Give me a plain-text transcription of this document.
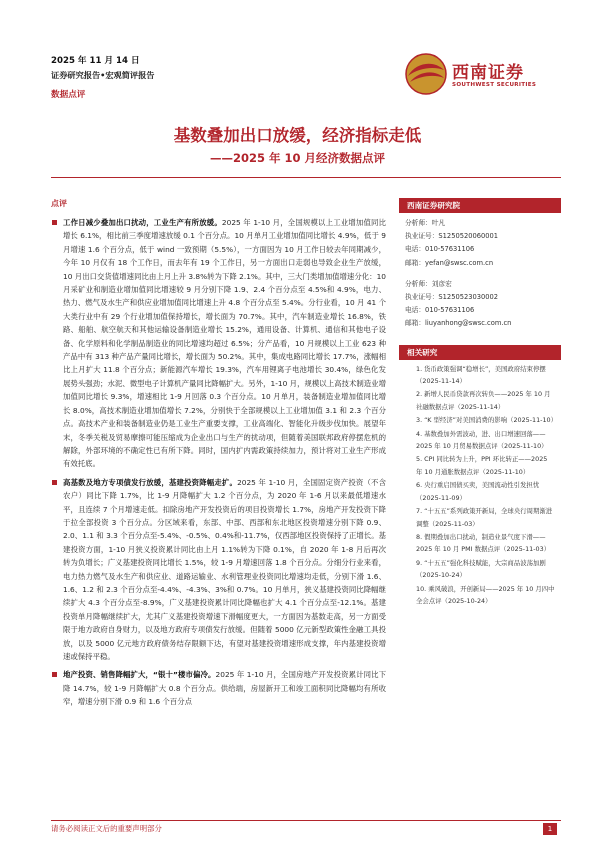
2025 年 11 月 14 日
证券研究报告•宏观简评报告
数据点评
西南证券
SOUTHWEST SECURITIES
基数叠加出口放缓，经济指标走低
——2025 年 10 月经济数据点评
点评
工作日减少叠加出口扰动，工业生产有所放缓。2025 年 1-10 月，全国规模以上工业增加值同比增长 6.1%，相比前三季度增速放缓 0.1 个百分点。10 月单月工业增加值同比增长 4.9%，低于 9 月增速 1.6 个百分点，低于 wind 一致预期（5.5%），一方面因为 10 月工作日较去年同期减少，今年 10 月仅有 18 个工作日，而去年有 19 个工作日，另一方面出口走弱也导致企业生产放缓，10 月出口交货值增速同比由上月上升 3.8%转为下降 2.1%。其中，三大门类增加值增速分化：10 月采矿业和制造业增加值同比增速较 9 月分别下降 1.9、2.4 个百分点至 4.5%和 4.9%，电力、热力、燃气及水生产和供应业增加值同比增速上升 4.8 个百分点至 5.4%。分行业看，10 月 41 个大类行业中有 29 个行业增加值保持增长，增长面为 70.7%。其中，汽车制造业增长 16.8%，铁路、船舶、航空航天和其他运输设备制造业增长 15.2%，通用设备、计算机、通信和其他电子设备、化学原料和化学制品制造业的同比增速均超过 6.5%；分产品看，10 月规模以上工业 623 种产品中有 313 种产品产量同比增长，增长面为 50.2%。其中，集成电路同比增长 17.7%，涨幅相比上月扩大 11.8 个百分点；新能源汽车增长 19.3%，汽车用锂离子电池增长 30.4%，绿色化发展势头强劲；水泥、微型电子计算机产量同比降幅扩大。另外，1-10 月，规模以上高技术制造业增加值同比增长 9.3%，增速相比 1-9 月回落 0.3 个百分点。10 月单月，装备制造业增加值同比增长 8.0%，高技术制造业增加值增长 7.2%，分别快于全部规模以上工业增加值 3.1 和 2.3 个百分点。高技术产业和装备制造业仍是工业生产重要支撑，工业高端化、智能化升级步伐加快。展望年末，冬季关税及贸易摩擦可能压缩成为企业出口与生产的扰动项，但随着美国联邦政府停摆危机的解除，外部环境的不确定性已有所下降。同时，国内扩内需政策持续加力，预计将对工业生产形成有效托底。
高基数及地方专项债发行放缓，基建投资降幅走扩。2025 年 1-10 月，全国固定资产投资（不含农户）同比下降 1.7%，比 1-9 月降幅扩大 1.2 个百分点，为 2020 年 1-6 月以来最低增速水平，且连续 7 个月增速走低。扣除房地产开发投资后的项目投资增长 1.7%，房地产开发投资下降于拉全部投资 3 个百分点。分区域来看，东部、中部、西部和东北地区投资增速分别下降 0.9、2.0、1.1 和 3.3 个百分点至-5.4%、-0.5%、0.4%和-11.7%，仅西部地区投资保持了正增长。基建投资方面，1-10 月狭义投资累计同比由上月 1.1%转为下降 0.1%，自 2020 年 1-8 月后再次转为负增长；广义基建投资同比增长 1.5%，较 1-9 月增速回落 1.8 个百分点。分细分行业来看，电力热力燃气及水生产和供应业、道路运输业、水利管理业投资同比增速均走低，分别下滑 1.6、1.6、1.2 和 2.3 个百分点至-4.4%、-4.3%、3%和 0.7%。10 月单月，狭义基建投资同比降幅继续扩大 4.3 个百分点至-8.9%，广义基建投资累计同比降幅也扩大 4.1 个百分点至-12.1%。基建投资单月降幅继续扩大，尤其广义基建投资增速下滑幅度更大，一方面因为基数走高，另一方面受限于地方政府自身财力，以及地方政府专项债发行放缓。但随着 5000 亿元新型政策性金融工具投放，以及 5000 亿元地方政府债务结存限额下达，有望对基建投资增速形成支撑，年内基建投资增速或保持平稳。
地产投资、销售降幅扩大，“银十”楼市偏冷。2025 年 1-10 月，全国房地产开发投资累计同比下降 14.7%，较 1-9 月降幅扩大 0.8 个百分点。供给端，房屋新开工和竣工面积同比降幅均有所收窄，增速分别下滑 0.9 和 1.6 个百分点
西南证券研究院
分析师：叶凡
执业证号：S1250520060001
电话：010-57631106
邮箱：yefan@swsc.com.cn
分析师：刘彦宏
执业证号：S1250523030002
电话：010-57631106
邮箱：liuyanhong@swsc.com.cn
相关研究
1. 货币政策强调“稳增长”，美国政府结束停摆（2025-11-14）
2. 新增人民币贷款再次转负——2025 年 10 月社融数据点评（2025-11-14）
3. “K 型经济”对美国消费的影响（2025-11-10）
4. 基数叠加外需波动，进、出口增速回落——2025 年 10 月贸易数据点评（2025-11-10）
5. CPI 同比转为上升，PPI 环比转正——2025 年 10 月通胀数据点评（2025-11-10）
6. 央行重启国债买卖，美国流动性引发担忧（2025-11-09）
7. “十五五”系列政策开新局，全球央行周期渐进调整（2025-11-03）
8. 假期叠加出口扰动，制造业景气度下滑——2025 年 10 月 PMI 数据点评（2025-11-03）
9. “十五五”强化科技赋能，大宗商品波荡加剧（2025-10-24）
10. 乘风破浪，开创新局——2025 年 10 月四中全会点评（2025-10-24）
请务必阅读正文后的重要声明部分	1
